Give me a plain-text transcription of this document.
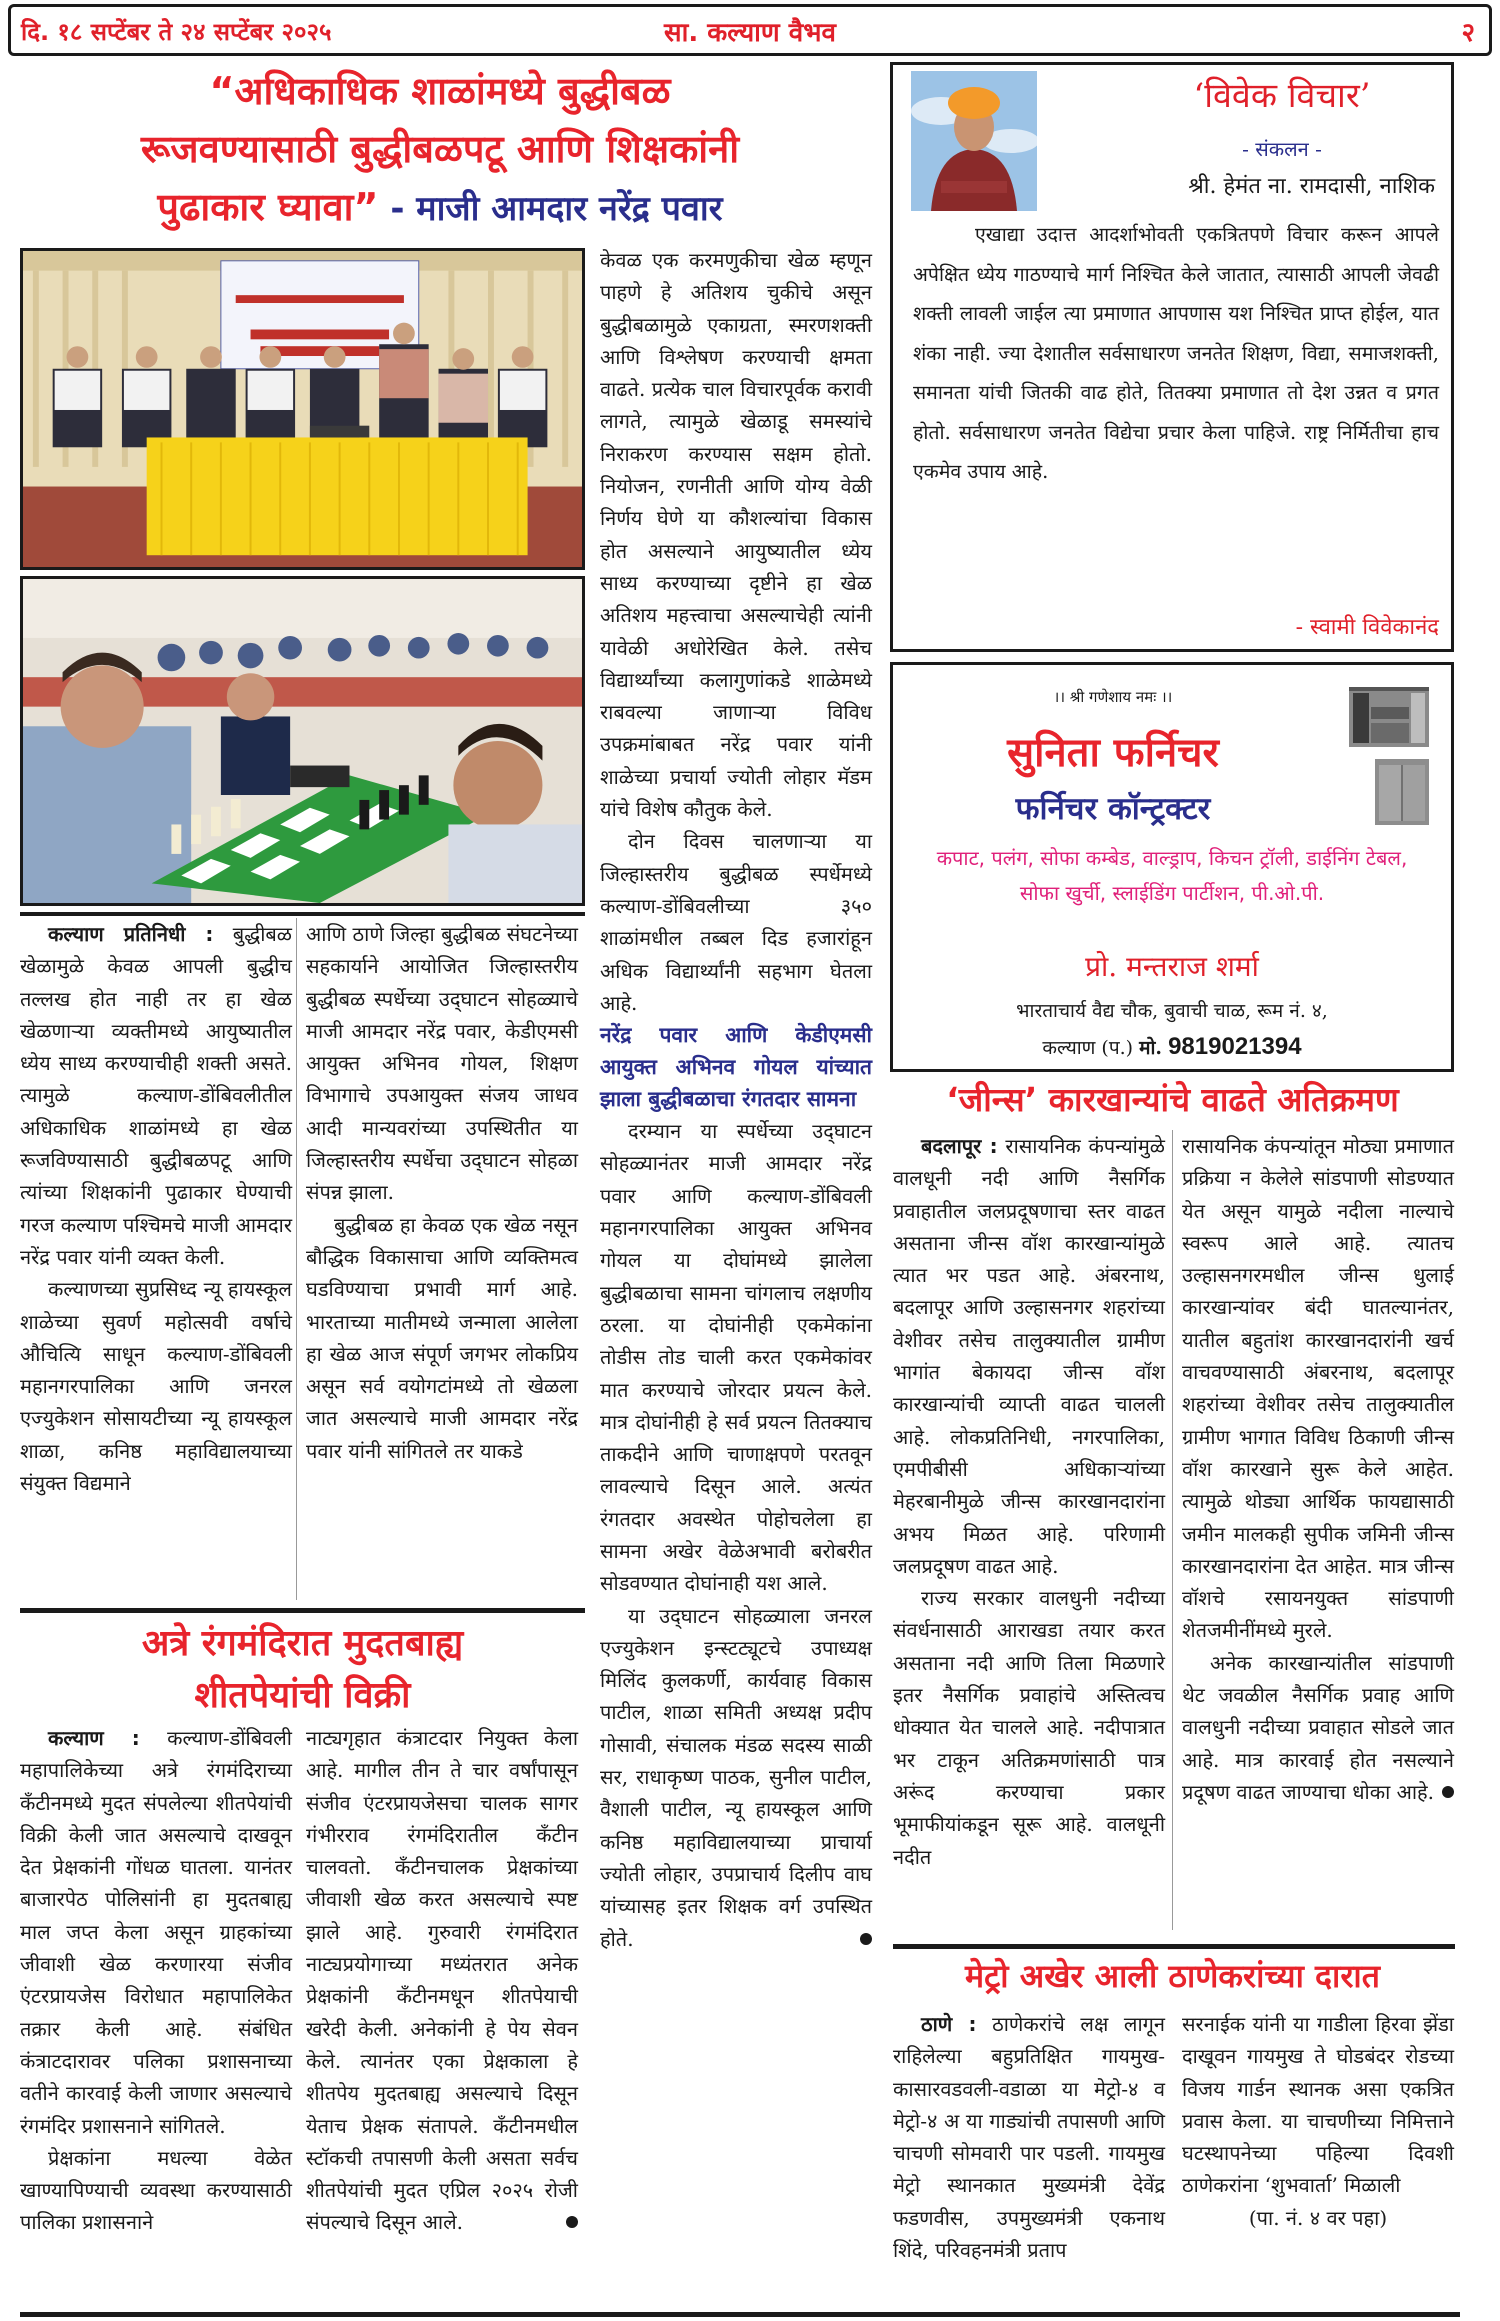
दि. १८ सप्टेंबर ते २४ सप्टेंबर २०२५	सा. कल्याण वैभव	२
“अधिकाधिक शाळांमध्ये बुद्धीबळ
रूजवण्यासाठी बुद्धीबळपटू आणि शिक्षकांनी
पुढाकार घ्यावा” - माजी आमदार नरेंद्र पवार

कल्याण प्रतिनिधी : बुद्धीबळ खेळामुळे केवळ आपली बुद्धीच तल्लख होत नाही तर हा खेळ खेळणाऱ्या व्यक्तीमध्ये आयुष्यातील ध्येय साध्य करण्याचीही शक्ती असते. त्यामुळे कल्याण-डोंबिवलीतील अधिकाधिक शाळांमध्ये हा खेळ रूजविण्यासाठी बुद्धीबळपटू आणि त्यांच्या शिक्षकांनी पुढाकार घेण्याची गरज कल्याण पश्चिमचे माजी आमदार नरेंद्र पवार यांनी व्यक्त केली.

कल्याणच्या सुप्रसिध्द न्यू हायस्कूल शाळेच्या सुवर्ण महोत्सवी वर्षाचे औचित्यि साधून कल्याण-डोंबिवली महानगरपालिका आणि जनरल एज्युकेशन सोसायटीच्या न्यू हायस्कूल शाळा, कनिष्ठ महाविद्यालयाच्या संयुक्त विद्यमाने

आणि ठाणे जिल्हा बुद्धीबळ संघटनेच्या सहकार्याने आयोजित जिल्हास्तरीय बुद्धीबळ स्पर्धेच्या उद्‌घाटन सोहळ्याचे माजी आमदार नरेंद्र पवार, केडीएमसी आयुक्त अभिनव गोयल, शिक्षण विभागाचे उपआयुक्त संजय जाधव आदी मान्यवरांच्या उपस्थितीत या जिल्हास्तरीय स्पर्धेचा उद्‌घाटन सोहळा संपन्न झाला.

बुद्धीबळ हा केवळ एक खेळ नसून बौद्धिक विकासाचा आणि व्यक्तिमत्व घडविण्याचा प्रभावी मार्ग आहे. भारताच्या मातीमध्ये जन्माला आलेला हा खेळ आज संपूर्ण जगभर लोकप्रिय असून सर्व वयोगटांमध्ये तो खेळला जात असल्याचे माजी आमदार नरेंद्र पवार यांनी सांगितले तर याकडे

केवळ एक करमणुकीचा खेळ म्हणून पाहणे हे अतिशय चुकीचे असून बुद्धीबळामुळे एकाग्रता, स्मरणशक्ती आणि विश्लेषण करण्याची क्षमता वाढते. प्रत्येक चाल विचारपूर्वक करावी लागते, त्यामुळे खेळाडू समस्यांचे निराकरण करण्यास सक्षम होतो. नियोजन, रणनीती आणि योग्य वेळी निर्णय घेणे या कौशल्यांचा विकास होत असल्याने आयुष्यातील ध्येय साध्य करण्याच्या दृष्टीने हा खेळ अतिशय महत्त्वाचा असल्याचेही त्यांनी यावेळी अधोरेखित केले. तसेच विद्यार्थ्यांच्या कलागुणांकडे शाळेमध्ये राबवल्या जाणाऱ्या विविध उपक्रमांबाबत नरेंद्र पवार यांनी शाळेच्या प्रचार्या ज्योती लोहार मॅडम यांचे विशेष कौतुक केले.

दोन दिवस चालणाऱ्या या जिल्हास्तरीय बुद्धीबळ स्पर्धेमध्ये कल्याण-डोंबिवलीच्या ३५० शाळांमधील तब्बल दिड हजारांहून अधिक विद्यार्थ्यांनी सहभाग घेतला आहे.

नरेंद्र पवार आणि केडीएमसी आयुक्त अभिनव गोयल यांच्यात झाला बुद्धीबळाचा रंगतदार सामना

दरम्यान या स्पर्धेच्या उद्‌घाटन सोहळ्यानंतर माजी आमदार नरेंद्र पवार आणि कल्याण-डोंबिवली महानगरपालिका आयुक्त अभिनव गोयल या दोघांमध्ये झालेला बुद्धीबळाचा सामना चांगलाच लक्षणीय ठरला. या दोघांनीही एकमेकांना तोडीस तोड चाली करत एकमेकांवर मात करण्याचे जोरदार प्रयत्न केले. मात्र दोघांनीही हे सर्व प्रयत्न तितक्याच ताकदीने आणि चाणाक्षपणे परतवून लावल्याचे दिसून आले. अत्यंत रंगतदार अवस्थेत पोहोचलेला हा सामना अखेर वेळेअभावी बरोबरीत सोडवण्यात दोघांनाही यश आले.

या उद्‌घाटन सोहळ्याला जनरल एज्युकेशन इन्स्टट्यूटचे उपाध्यक्ष मिलिंद कुलकर्णी, कार्यवाह विकास पाटील, शाळा समिती अध्यक्ष प्रदीप गोसावी, संचालक मंडळ सदस्य साळी सर, राधाकृष्ण पाठक, सुनील पाटील, वैशाली पाटील, न्यू हायस्कूल आणि कनिष्ठ महाविद्यालयाच्या प्राचार्या ज्योती लोहार, उपप्राचार्य दिलीप वाघ यांच्यासह इतर शिक्षक वर्ग उपस्थित होते.

अत्रे रंगमंदिरात मुदतबाह्य
शीतपेयांची विक्री

कल्याण : कल्याण-डोंबिवली महापालिकेच्या अत्रे रंगमंदिराच्या कँटीनमध्ये मुदत संपलेल्या शीतपेयांची विक्री केली जात असल्याचे दाखवून देत प्रेक्षकांनी गोंधळ घातला. यानंतर बाजारपेठ पोलिसांनी हा मुदतबाह्य माल जप्त केला असून ग्राहकांच्या जीवाशी खेळ करणारया संजीव एंटरप्रायजेस विरोधात महापालिकेत तक्रार केली आहे. संबंधित कंत्राटदारावर पलिका प्रशासनाच्या वतीने कारवाई केली जाणार असल्याचे रंगमंदिर प्रशासनाने सांगितले.

प्रेक्षकांना मधल्या वेळेत खाण्यापिण्याची व्यवस्था करण्यासाठी पालिका प्रशासनाने

नाट्यगृहात कंत्राटदार नियुक्त केला आहे. मागील तीन ते चार वर्षांपासून संजीव एंटरप्रायजेसचा चालक सागर गंभीरराव रंगमंदिरातील कँटीन चालवतो. कँटीनचालक प्रेक्षकांच्या जीवाशी खेळ करत असल्याचे स्पष्ट झाले आहे. गुरुवारी रंगमंदिरात नाट्यप्रयोगाच्या मध्यंतरात अनेक प्रेक्षकांनी कँटीनमधून शीतपेयाची खरेदी केली. अनेकांनी हे पेय सेवन केले. त्यानंतर एका प्रेक्षकाला हे शीतपेय मुदतबाह्य असल्याचे दिसून येताच प्रेक्षक संतापले. कँटीनमधील स्टॉकची तपासणी केली असता सर्वच शीतपेयांची मुदत एप्रिल २०२५ रोजी संपल्याचे दिसून आले.

‘विवेक विचार’
- संकलन -
श्री. हेमंत ना. रामदासी, नाशिक
एखाद्या उदात्त आदर्शाभोवती एकत्रितपणे विचार करून आपले अपेक्षित ध्येय गाठण्याचे मार्ग निश्चित केले जातात, त्यासाठी आपली जेवढी शक्ती लावली जाईल त्या प्रमाणात आपणास यश निश्चित प्राप्त होईल, यात शंका नाही. ज्या देशातील सर्वसाधारण जनतेत शिक्षण, विद्या, समाजशक्ती, समानता यांची जितकी वाढ होते, तितक्या प्रमाणात तो देश उन्नत व प्रगत होतो. सर्वसाधारण जनतेत विद्येचा प्रचार केला पाहिजे. राष्ट्र निर्मितीचा हाच एकमेव उपाय आहे.
- स्वामी विवेकानंद
।। श्री गणेशाय नमः ।।
सुनिता फर्निचर
फर्निचर कॉन्ट्रक्टर
कपाट, पलंग, सोफा कम्बेड, वाल्ड्राप, किचन ट्रॉली, डाईनिंग टेबल, सोफा खुर्ची, स्लाईडिंग पार्टीशन, पी.ओ.पी.
प्रो. मन्तराज शर्मा
भारताचार्य वैद्य चौक, बुवाची चाळ, रूम नं. ४,
कल्याण (प.) मो. 9819021394
‘जीन्स’ कारखान्यांचे वाढते अतिक्रमण

बदलापूर : रासायनिक कंपन्यांमुळे वालधूनी नदी आणि नैसर्गिक प्रवाहातील जलप्रदूषणाचा स्तर वाढत असताना जीन्स वॉश कारखान्यांमुळे त्यात भर पडत आहे. अंबरनाथ, बदलापूर आणि उल्हासनगर शहरांच्या वेशीवर तसेच तालुक्यातील ग्रामीण भागांत बेकायदा जीन्स वॉश कारखान्यांची व्याप्ती वाढत चालली आहे. लोकप्रतिनिधी, नगरपालिका, एमपीबीसी अधिकाऱ्यांच्या मेहरबानीमुळे जीन्स कारखानदारांना अभय मिळत आहे. परिणामी जलप्रदूषण वाढत आहे.

राज्य सरकार वालधुनी नदीच्या संवर्धनासाठी आराखडा तयार करत असताना नदी आणि तिला मिळणारे इतर नैसर्गिक प्रवाहांचे अस्तित्वच धोक्यात येत चालले आहे. नदीपात्रात भर टाकून अतिक्रमणांसाठी पात्र अरूंद करण्याचा प्रकार भूमाफीयांकडून सूरू आहे. वालधूनी नदीत

रासायनिक कंपन्यांतून मोठ्या प्रमाणात प्रक्रिया न केलेले सांडपाणी सोडण्यात येत असून यामुळे नदीला नाल्याचे स्वरूप आले आहे. त्यातच उल्हासनगरमधील जीन्स धुलाई कारखान्यांवर बंदी घातल्यानंतर, यातील बहुतांश कारखानदारांनी खर्च वाचवण्यासाठी अंबरनाथ, बदलापूर शहरांच्या वेशीवर तसेच तालुक्यातील ग्रामीण भागात विविध ठिकाणी जीन्स वॉश कारखाने सुरू केले आहेत. त्यामुळे थोड्या आर्थिक फायद्यासाठी जमीन मालकही सुपीक जमिनी जीन्स कारखानदारांना देत आहेत. मात्र जीन्स वॉशचे रसायनयुक्त सांडपाणी शेतजमीनींमध्ये मुरले.

अनेक कारखान्यांतील सांडपाणी थेट जवळील नैसर्गिक प्रवाह आणि वालधुनी नदीच्या प्रवाहात सोडले जात आहे. मात्र कारवाई होत नसल्याने प्रदूषण वाढत जाण्याचा धोका आहे.

मेट्रो अखेर आली ठाणेकरांच्या दारात

ठाणे : ठाणेकरांचे लक्ष लागून राहिलेल्या बहुप्रतिक्षित गायमुख-कासारवडवली-वडाळा या मेट्रो-४ व मेट्रो-४ अ या गाड्यांची तपासणी आणि चाचणी सोमवारी पार पडली. गायमुख मेट्रो स्थानकात मुख्यमंत्री देवेंद्र फडणवीस, उपमुख्यमंत्री एकनाथ शिंदे, परिवहनमंत्री प्रताप

सरनाईक यांनी या गाडीला हिरवा झेंडा दाखूवन गायमुख ते घोडबंदर रोडच्या विजय गार्डन स्थानक असा एकत्रित प्रवास केला. या चाचणीच्या निमित्ताने घटस्थापनेच्या पहिल्या दिवशी ठाणेकरांना ‘शुभवार्ता’ मिळाली

(पा. नं. ४ वर पहा)
